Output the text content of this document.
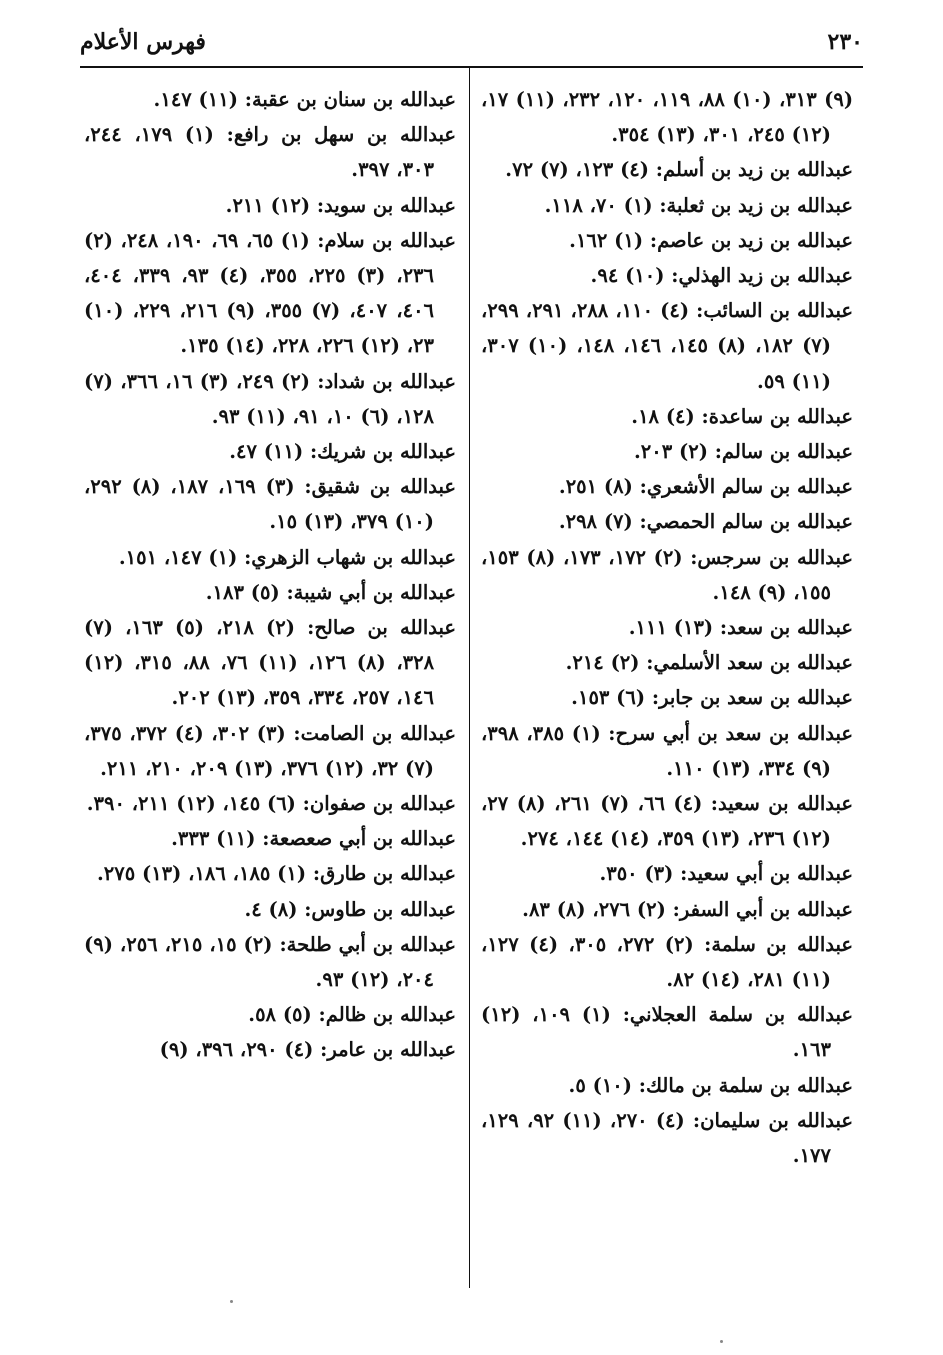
٢٣٠
فهرس الأعلام

(٩) ٣١٣، (١٠) ٨٨، ١١٩، ١٢٠، ٢٣٢، (١١) ١٧، (١٢) ٢٤٥، ٣٠١، (١٣) ٣٥٤.

عبدالله بن زيد بن أسلم: (٤) ١٢٣، (٧) ٧٢.

عبدالله بن زيد بن ثعلبة: (١) ٧٠، ١١٨.

عبدالله بن زيد بن عاصم: (١) ١٦٢.

عبدالله بن زيد الهذلي: (١٠) ٩٤.

عبدالله بن السائب: (٤) ١١٠، ٢٨٨، ٢٩١، ٢٩٩، (٧) ١٨٢، (٨) ١٤٥، ١٤٦، ١٤٨، (١٠) ٣٠٧، (١١) ٥٩.

عبدالله بن ساعدة: (٤) ١٨.

عبدالله بن سالم: (٢) ٢٠٣.

عبدالله بن سالم الأشعري: (٨) ٢٥١.

عبدالله بن سالم الحمصي: (٧) ٢٩٨.

عبدالله بن سرجس: (٢) ١٧٢، ١٧٣، (٨) ١٥٣، ١٥٥، (٩) ١٤٨.

عبدالله بن سعد: (١٣) ١١١.

عبدالله بن سعد الأسلمي: (٢) ٢١٤.

عبدالله بن سعد بن جابر: (٦) ١٥٣.

عبدالله بن سعد بن أبي سرح: (١) ٣٨٥، ٣٩٨، (٩) ٣٣٤، (١٣) ١١٠.

عبدالله بن سعيد: (٤) ٦٦، (٧) ٢٦١، (٨) ٢٧، (١٢) ٢٣٦، (١٣) ٣٥٩، (١٤) ١٤٤، ٢٧٤.

عبدالله بن أبي سعيد: (٣) ٣٥٠.

عبدالله بن أبي السفر: (٢) ٢٧٦، (٨) ٨٣.

عبدالله بن سلمة: (٢) ٢٧٢، ٣٠٥، (٤) ١٢٧، (١١) ٢٨١، (١٤) ٨٢.

عبدالله بن سلمة العجلاني: (١) ١٠٩، (١٢) ١٦٣.

عبدالله بن سلمة بن مالك: (١٠) ٥.

عبدالله بن سليمان: (٤) ٢٧٠، (١١) ٩٢، ١٢٩، ١٧٧.

عبدالله بن سنان بن عقبة: (١١) ١٤٧.

عبدالله بن سهل بن رافع: (١) ١٧٩، ٢٤٤، ٣٠٣، ٣٩٧.

عبدالله بن سويد: (١٢) ٢١١.

عبدالله بن سلام: (١) ٦٥، ٦٩، ١٩٠، ٢٤٨، (٢) ٢٣٦، (٣) ٢٢٥، ٣٥٥، (٤) ٩٣، ٣٣٩، ٤٠٤، ٤٠٦، ٤٠٧، (٧) ٣٥٥، (٩) ٢١٦، ٢٢٩، (١٠) ٢٣، (١٢) ٢٢٦، ٢٢٨، (١٤) ١٣٥.

عبدالله بن شداد: (٢) ٢٤٩، (٣) ١٦، ٣٦٦، (٧) ١٢٨، (٦) ١٠، ٩١، (١١) ٩٣.

عبدالله بن شريك: (١١) ٤٧.

عبدالله بن شقيق: (٣) ١٦٩، ١٨٧، (٨) ٢٩٢، (١٠) ٣٧٩، (١٣) ١٥.

عبدالله بن شهاب الزهري: (١) ١٤٧، ١٥١.

عبدالله بن أبي شيبة: (٥) ١٨٣.

عبدالله بن صالح: (٢) ٢١٨، (٥) ١٦٣، (٧) ٣٢٨، (٨) ١٢٦، (١١) ٧٦، ٨٨، ٣١٥، (١٢) ١٤٦، ٢٥٧، ٣٣٤، ٣٥٩، (١٣) ٢٠٢.

عبدالله بن الصامت: (٣) ٣٠٢، (٤) ٣٧٢، ٣٧٥، (٧) ٣٢، (١٢) ٣٧٦، (١٣) ٢٠٩، ٢١٠، ٢١١.

عبدالله بن صفوان: (٦) ١٤٥، (١٢) ٢١١، ٣٩٠.

عبدالله بن أبي صعصعة: (١١) ٣٣٣.

عبدالله بن طارق: (١) ١٨٥، ١٨٦، (١٣) ٢٧٥.

عبدالله بن طاوس: (٨) ٤.

عبدالله بن أبي طلحة: (٢) ١٥، ٢١٥، ٢٥٦، (٩) ٢٠٤، (١٢) ٩٣.

عبدالله بن ظالم: (٥) ٥٨.

عبدالله بن عامر: (٤) ٢٩٠، ٣٩٦، (٩)
